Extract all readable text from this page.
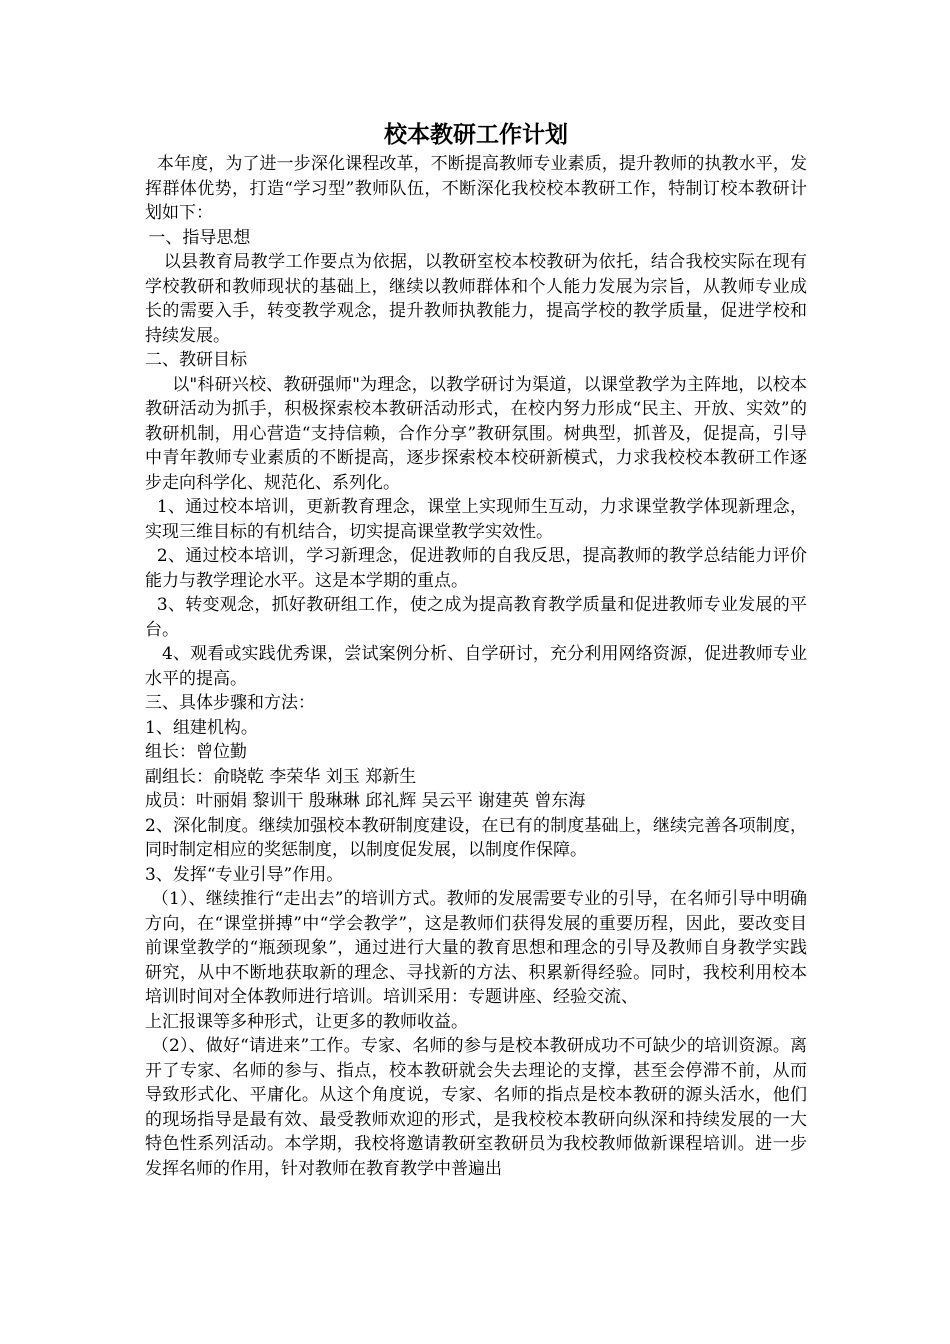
校本教研工作计划

本年度，为了进一步深化课程改革，不断提高教师专业素质，提升教师的执教水平，发挥群体优势，打造“学习型”教师队伍，不断深化我校校本教研工作，特制订校本教研计划如下：

一、指导思想

以县教育局教学工作要点为依据，以教研室校本校教研为依托，结合我校实际在现有学校教研和教师现状的基础上，继续以教师群体和个人能力发展为宗旨，从教师专业成长的需要入手，转变教学观念，提升教师执教能力，提高学校的教学质量，促进学校和持续发展。

二、教研目标

以"科研兴校、教研强师"为理念，以教学研讨为渠道，以课堂教学为主阵地，以校本教研活动为抓手，积极探索校本教研活动形式，在校内努力形成“民主、开放、实效”的教研机制，用心营造“支持信赖，合作分享”教研氛围。树典型，抓普及，促提高，引导中青年教师专业素质的不断提高，逐步探索校本校研新模式，力求我校校本教研工作逐步走向科学化、规范化、系列化。

1、通过校本培训，更新教育理念，课堂上实现师生互动，力求课堂教学体现新理念，实现三维目标的有机结合，切实提高课堂教学实效性。

2、通过校本培训，学习新理念，促进教师的自我反思，提高教师的教学总结能力评价能力与教学理论水平。这是本学期的重点。

3、转变观念，抓好教研组工作，使之成为提高教育教学质量和促进教师专业发展的平台。

4、观看或实践优秀课，尝试案例分析、自学研讨，充分利用网络资源，促进教师专业水平的提高。

三、具体步骤和方法：

1、组建机构。

组长：曾位勤

副组长：俞晓乾 李荣华 刘玉 郑新生

成员：叶丽娟 黎训干 殷琳琳 邱礼辉 吴云平 谢建英 曾东海

2、深化制度。继续加强校本教研制度建设，在已有的制度基础上，继续完善各项制度，同时制定相应的奖惩制度，以制度促发展，以制度作保障。

3、发挥“专业引导”作用。

（1）、继续推行“走出去”的培训方式。教师的发展需要专业的引导，在名师引导中明确方向，在“课堂拼搏”中“学会教学”，这是教师们获得发展的重要历程，因此，要改变目前课堂教学的“瓶颈现象”，通过进行大量的教育思想和理念的引导及教师自身教学实践研究，从中不断地获取新的理念、寻找新的方法、积累新得经验。同时，我校利用校本培训时间对全体教师进行培训。培训采用：专题讲座、经验交流、

上汇报课等多种形式，让更多的教师收益。

（2）、做好“请进来”工作。专家、名师的参与是校本教研成功不可缺少的培训资源。离开了专家、名师的参与、指点，校本教研就会失去理论的支撑，甚至会停滞不前，从而导致形式化、平庸化。从这个角度说，专家、名师的指点是校本教研的源头活水，他们的现场指导是最有效、最受教师欢迎的形式，是我校校本教研向纵深和持续发展的一大特色性系列活动。本学期，我校将邀请教研室教研员为我校教师做新课程培训。进一步发挥名师的作用，针对教师在教育教学中普遍出
